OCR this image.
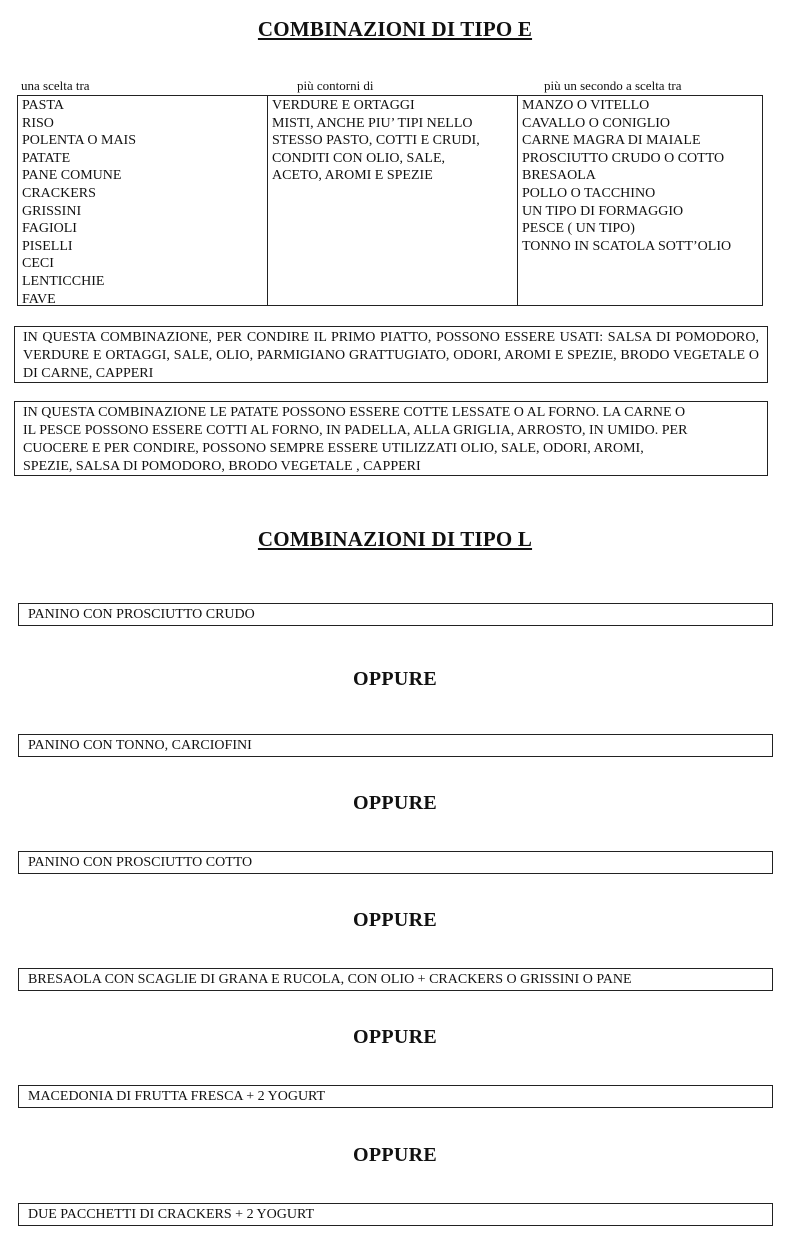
COMBINAZIONI DI TIPO E
una scelta tra	più contorni di	più un secondo a scelta tra
PASTA
RISO
POLENTA O MAIS
PATATE
PANE COMUNE
CRACKERS
GRISSINI
FAGIOLI
PISELLI
CECI
LENTICCHIE
FAVE
VERDURE E ORTAGGI
MISTI, ANCHE PIU’ TIPI NELLO
STESSO PASTO, COTTI E CRUDI,
CONDITI CON OLIO, SALE,
ACETO, AROMI E SPEZIE
MANZO O VITELLO
CAVALLO O CONIGLIO
CARNE MAGRA DI MAIALE
PROSCIUTTO CRUDO O COTTO
BRESAOLA
POLLO O TACCHINO
UN TIPO DI FORMAGGIO
PESCE ( UN TIPO)
TONNO IN SCATOLA SOTT’OLIO
IN QUESTA COMBINAZIONE, PER CONDIRE IL PRIMO PIATTO, POSSONO ESSERE USATI: SALSA DI POMODORO, VERDURE E ORTAGGI, SALE, OLIO, PARMIGIANO GRATTUGIATO, ODORI, AROMI E SPEZIE, BRODO VEGETALE O DI CARNE, CAPPERI
IN QUESTA COMBINAZIONE LE PATATE POSSONO ESSERE COTTE LESSATE O AL FORNO. LA CARNE O
IL PESCE POSSONO ESSERE COTTI AL FORNO, IN PADELLA, ALLA GRIGLIA, ARROSTO, IN UMIDO. PER
CUOCERE E PER CONDIRE, POSSONO SEMPRE ESSERE UTILIZZATI OLIO, SALE, ODORI, AROMI,
SPEZIE, SALSA DI POMODORO, BRODO VEGETALE , CAPPERI
COMBINAZIONI DI TIPO L
PANINO CON PROSCIUTTO CRUDO
OPPURE
PANINO CON TONNO, CARCIOFINI
OPPURE
PANINO CON PROSCIUTTO COTTO
OPPURE
BRESAOLA CON SCAGLIE DI GRANA E RUCOLA, CON OLIO + CRACKERS O GRISSINI O PANE
OPPURE
MACEDONIA DI FRUTTA FRESCA + 2 YOGURT
OPPURE
DUE PACCHETTI DI CRACKERS + 2 YOGURT
